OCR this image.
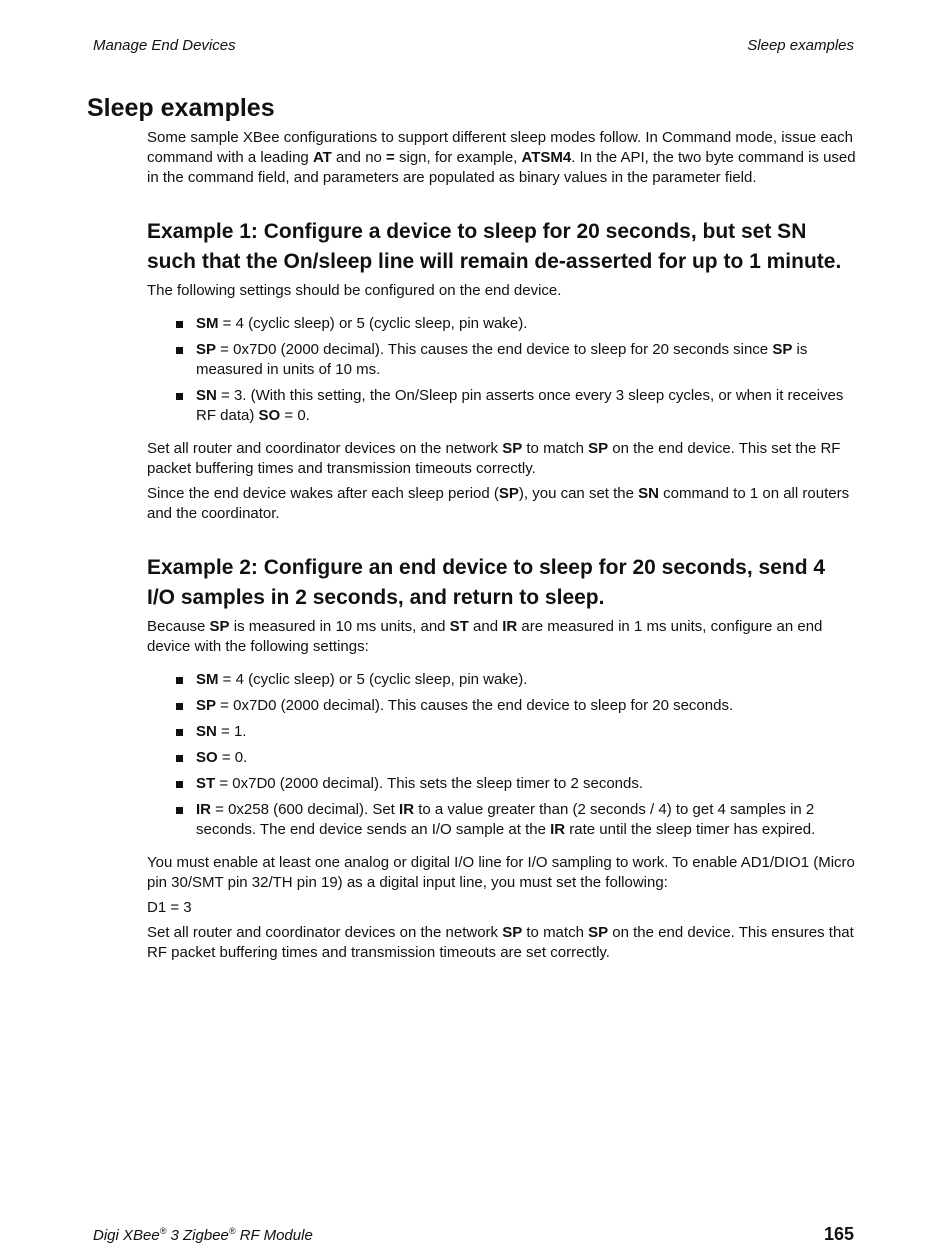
Manage End Devices	Sleep examples
Sleep examples

Some sample XBee configurations to support different sleep modes follow. In Command mode, issue each command with a leading AT and no = sign, for example, ATSM4. In the API, the two byte command is used in the command field, and parameters are populated as binary values in the parameter field.

Example 1: Configure a device to sleep for 20 seconds, but set SN such that the On/sleep line will remain de-asserted for up to 1 minute.

The following settings should be configured on the end device.

SM = 4 (cyclic sleep) or 5 (cyclic sleep, pin wake).
SP = 0x7D0 (2000 decimal). This causes the end device to sleep for 20 seconds since SP is measured in units of 10 ms.
SN = 3. (With this setting, the On/Sleep pin asserts once every 3 sleep cycles, or when it receives RF data) SO = 0.

Set all router and coordinator devices on the network SP to match SP on the end device. This set the RF packet buffering times and transmission timeouts correctly.

Since the end device wakes after each sleep period (SP), you can set the SN command to 1 on all routers and the coordinator.

Example 2: Configure an end device to sleep for 20 seconds, send 4 I/O samples in 2 seconds, and return to sleep.

Because SP is measured in 10 ms units, and ST and IR are measured in 1 ms units, configure an end device with the following settings:

SM = 4 (cyclic sleep) or 5 (cyclic sleep, pin wake).
SP = 0x7D0 (2000 decimal). This causes the end device to sleep for 20 seconds.
SN = 1.
SO = 0.
ST = 0x7D0 (2000 decimal). This sets the sleep timer to 2 seconds.
IR = 0x258 (600 decimal). Set IR to a value greater than (2 seconds / 4) to get 4 samples in 2 seconds. The end device sends an I/O sample at the IR rate until the sleep timer has expired.

You must enable at least one analog or digital I/O line for I/O sampling to work. To enable AD1/DIO1 (Micro pin 30/SMT pin 32/TH pin 19) as a digital input line, you must set the following:

D1 = 3

Set all router and coordinator devices on the network SP to match SP on the end device. This ensures that RF packet buffering times and transmission timeouts are set correctly.

Digi XBee® 3 Zigbee® RF Module	165
